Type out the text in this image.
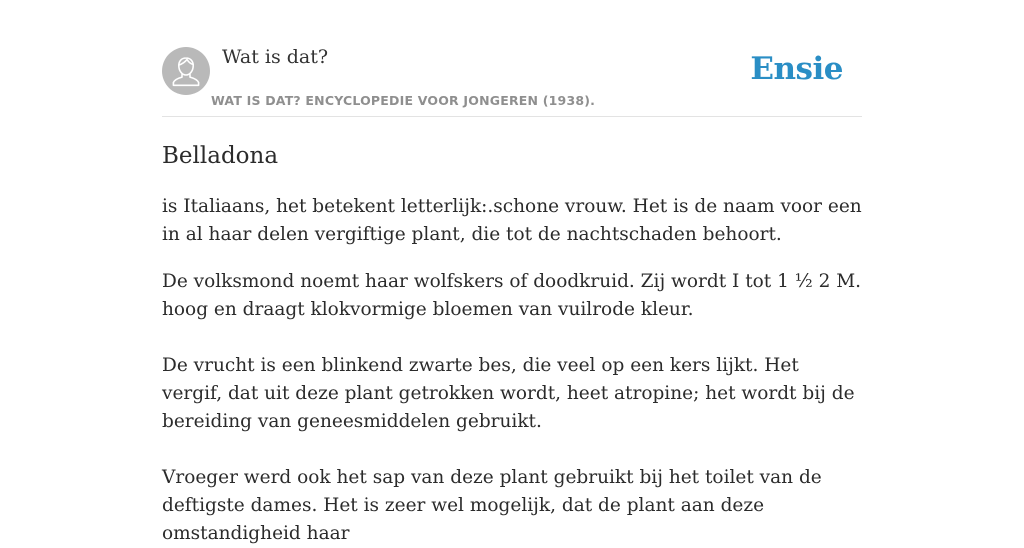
Wat is dat?
WAT IS DAT? ENCYCLOPEDIE VOOR JONGEREN (1938).
Ensie
Belladona

is Italiaans, het betekent letterlijk:.schone vrouw. Het is de naam voor een in al haar delen vergiftige plant, die tot de nachtschaden behoort.

De volksmond noemt haar wolfskers of doodkruid. Zij wordt I tot 1 ½ 2 M. hoog en draagt klokvormige bloemen van vuilrode kleur.

De vrucht is een blinkend zwarte bes, die veel op een kers lijkt. Het vergif, dat uit deze plant getrokken wordt, heet atropine; het wordt bij de bereiding van geneesmiddelen gebruikt.

Vroeger werd ook het sap van deze plant gebruikt bij het toilet van de deftigste dames. Het is zeer wel mogelijk, dat de plant aan deze omstandigheid haar
